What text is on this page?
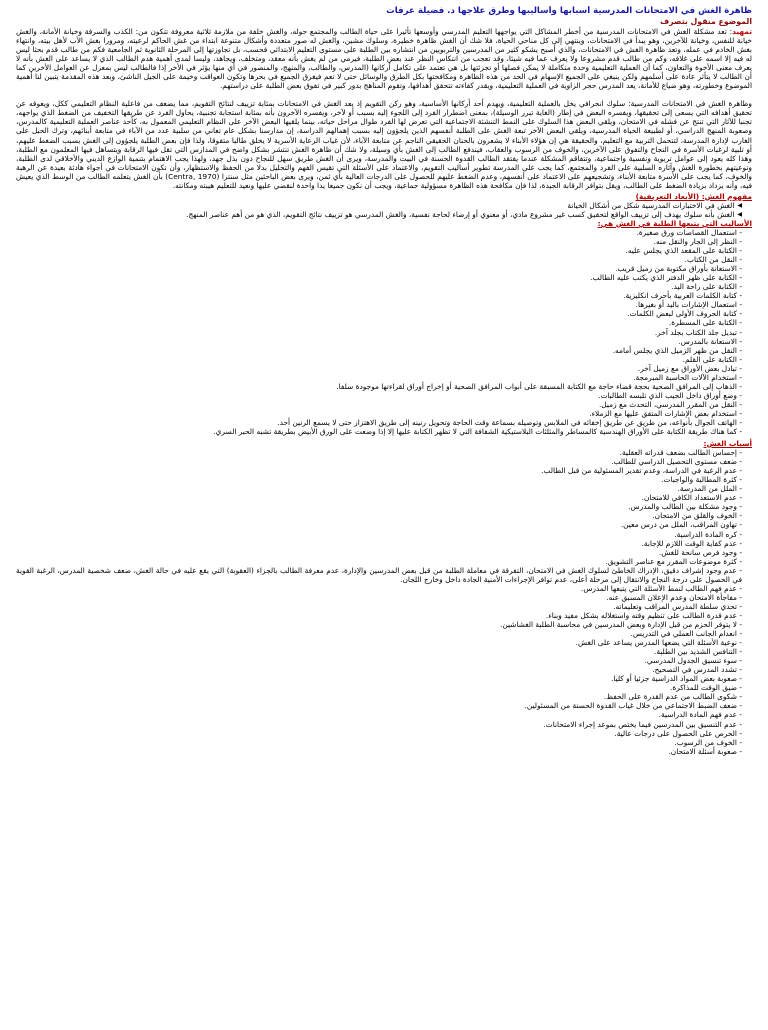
ظاهرة الغش في الامتحانات المدرسية أسبابها وأساليبها وطرق علاجها د. فضيلة عرفات
الموضوع منقول بتصرف

تمهيد: تعد مشكلة الغش في الامتحانات المدرسية من أخطر المشاكل التي يواجهها التعليم المدرسي وأوسعها تأثيرا على حياة الطالب والمجتمع حوله، والغش خلفة من ملازمة ثلاثية معروفة تتكون من: الكذب والسرقة وخيانة الأمانة، والغش خيانة للنفس، وخيانة للآخرين، وهو يبدأ في الامتحانات، وينتهي إلى كل مناحي الحياة، فلا شك أن الغش ظاهرة خطيرة، وسلوك مشين، والغش له صور متعددة وأشكال متنوعة ابتداء من غش الحاكم لرعيته، ومرورا بغش الأب لأهل بيته، وانتهاء بغش الخادم في عمله، وتعد ظاهرة الغش في الامتحانات، والذي أصبح يشكو كثير من المدرسين والتربويين من انتشاره بين الطلبة على مستوى التعليم الابتدائي فحسب، بل تجاوزتها إلى المرحلة الثانوية ثم الجامعية فكم من طالب قدم بحثا ليس له فيه إلا اسمه على غلافه، وكم من طالب قدم مشروعا ولا يعرف عما فيه شيئا، وقد تعجب من انتكاس النظر عند بعض الطلبة، فيرمي من لم يغش بأنه معقد، ومتخلف، ويجاهد، وليسا لمدى أهمية هدم الطالب الذي لا يساعد على الغش بأنه لا يعرف معنى الأخوة والتعاون، كما أن العملية التعليمية وحدة متكاملة لا يمكن فصلها أو تجزئتها بل هي تعتمد على تكامل أركانها (المدرس، والطالب، والمنهج، والمنصور في أي منها يؤثر في الأخر إذا فالطالب ليس بمعزل عن العوامل الأخرين كما أن الطالب لا يتأثر عادة على أسلمهم ولكن ينبغي على الجميع الإسهام في الحد من هذه الظاهرة ومكافحتها بكل الطرق والوسائل حتى لا تعم فيغرق الجميع في بحرها وتكون العواقب وخيمة على الجيل الناشئ، وبعد هذه المقدمة يتبين لنا أهمية الموضوع وخطورته، وهو ضياع للأمانة، يعد المدرس حجر الزاوية في العملية التعليمية، ويقدر كفاءته تتحقق أهدافها، وتقوم المناهج بدور كبير في تفوق بعض الطلبة على دراستهم.

وظاهرة الغش في الامتحانات المدرسية: سلوك انحرافي يخل بالعملية التعليمية، ويهدم أحد أركانها الأساسية، وهو ركن التقويم إذ يعد الغش في الامتحانات بمثابة تزييف لنتائج التقويم، مما يضعف من فاعلية النظام التعليمي ككل، ويعوقه عن تحقيق أهدافه التي يسعى إلى تحقيقها، ويفسره البعض في إطار (الغاية تبرر الوسيلة)، بمعنى اضطرار الفرد إلى اللجوء إليه بسبب أو لآخر، ويفسره الآخرون بأنه بمثابة استجابة تجنبية، يحاول الفرد عن طريقها التخفيف من الضغط الذي يواجهه، تجنبا للآثار التي تنتج عن فشله في الامتحان، ويلقي البعض هذا السلوك على النمط التنشئة الاجتماعية التي تعرض لها الفرد طوال مراحل حياته، بينما يلقيها البعض الآخر على النظام التعليمي المعمول به، كأحد عناصر العملية التعليمية كالمدرس، وصعوبة المنهج الدراسي، أو لطبيعة الحياة المدرسية، ويلقي البعض الآخر تبعة الغش على الطلبة أنفسهم الذين يلجؤون إليه بسبب إهمالهم الدراسة، إن مدارسنا بشكل عام تعاني من سلبية عدد من الآباء في متابعة أبنائهم، وترك الحبل على الغارب لإدارة المدرسة، لتتحمل التربية مع التعليم، والحقيقة هي إن هؤلاء الأبناء لا يشعرون بالحنان الحقيقي الناجم عن متابعة الآباء، لأن غياب الرعاية الأسرية لا يخلق طالبا متفوقا، ولذا فإن بعض الطلبة يلجؤون إلى الغش بسبب الضغط عليهم، أو تلبية لرغبات الأسرة في النجاح والتفوق على الآخرين، والخوف من الرسوب والعقاب، فيندفع الطالب إلى الغش بأي وسيلة، ولا شك أن ظاهرة الغش تنتشر بشكل واضح في المدارس التي تقل فيها الرقابة ويتساهل فيها المعلمون مع الطلبة، وهذا كله يعود إلى عوامل تربوية ونفسية واجتماعية، وتتفاقم المشكلة عندما يفتقد الطالب القدوة الحسنة في البيت والمدرسة، ويرى أن الغش طريق سهل للنجاح دون بذل جهد، ولهذا يجب الاهتمام بتنمية الوازع الديني والأخلاقي لدى الطلبة، وتوعيتهم بخطورة الغش وآثاره السلبية على الفرد والمجتمع، كما يجب على المدرسة تطوير أساليب التقويم، والاعتماد على الأسئلة التي تقيس الفهم والتحليل بدلا من الحفظ والاستظهار، وأن تكون الامتحانات في أجواء هادئة بعيدة عن الرهبة والخوف، كما يجب على الأسرة متابعة الأبناء، وتشجيعهم على الاعتماد على أنفسهم، وعدم الضغط عليهم للحصول على الدرجات العالية بأي ثمن، ويرى بعض الباحثين مثل سنترا (Centra, 1970) بأن الغش يتعلمه الطالب من الوسط الذي يعيش فيه، وأنه يزداد بزيادة الضغط على الطالب، ويقل بتوافر الرقابة الجيدة، لذا فإن مكافحة هذه الظاهرة مسؤولية جماعية، ويجب أن نكون جميعا يدا واحدة لنقضي عليها ونعيد للتعليم هيبته ومكانته.

مفهوم الغش: (الأبعاد التعريفية)
◀
الغش في الاختبارات المدرسية شكل من أشكال الخيانة
◀
الغش بأنه سلوك يهدف إلى تزييف الواقع لتحقيق كسب غير مشروع مادي، أو معنوي أو إرضاء لحاجة نفسية، والغش المدرسي هو تزييف نتائج التقويم، الذي هو من أهم عناصر المنهج.
الأساليب التي يتبعها الطلبة في الغش هي:
- استعمال القصاصات ورق صغيرة.
- النظر إلى الجار والنقل منه.
- الكتابة على المقعد الذي يجلس عليه.
- النقل من الكتاب.
- الاستعانة بأوراق مكتوبة من زميل قريب.
- الكتابة على ظهر الدفتر الذي يكتب عليه الطالب.
- الكتابة على راحة اليد.
- كتابة الكلمات العربية بأحرف انكليزية.
- استعمال الإشارات باليد أو بغيرها.
- كتابة الحروف الأولى لبعض الكلمات.
- الكتابة على المسطرة.
- تبديل جلد الكتاب بجلد آخر.
- الاستعانة بالمدرس.
- النقل من ظهر الزميل الذي يجلس أمامه.
- الكتابة على القلم.
- تبادل بعض الأوراق مع زميل آخر.
- استخدام الآلات الحاسبة المبرمجة.
- الذهاب إلى المرافق الصحية بحجة قضاء حاجة مع الكتابة المسبقة على أبواب المرافق الصحية أو إخراج أوراق لقراءتها موجودة سلفا.
- وضع أوراق داخل الجيب الذي تلبسه الطالبات.
- النقل من المقرر المدرسي، التحدث مع زميل.
- استخدام بعض الإشارات المتفق عليها مع الزملاء.
- الهاتف الجوال بأنواعه، من طريق عن طريق إخفائه في الملابس وتوصيله بسماعة وقت الحاجة وتحويل رنينه إلى طريق الاهتزاز حتى لا يسمع الرنين أحد.
- كما هناك طريقة الكتابة على الأوراق الهندسية كالمساطر والمثلثات البلاستيكية الشفافة التي لا تظهر الكتابة عليها إلا إذا وضعت على الورق الأبيض بطريقة تشبه الحبر السري.
أسباب الغش:
- إحساس الطالب بضعف قدراته العقلية.
- ضعف مستوى التحصيل الدراسي للطالب.
- عدم الرغبة في الدراسة، وعدم تقدير المسئولية من قبل الطالب.
- كثرة المطالبة والواجبات.
- الملل من المدرسة.
- عدم الاستعداد الكافي للامتحان.
- وجود مشكلة بين الطالب والمدرس.
- الخوف والقلق من الامتحان.
- تهاون المراقب، الملل من درس معين.
- كره المادة الدراسية.
- عدم كفاية الوقت اللازم للإجابة.
- وجود فرص سانحة للغش.
- كثرة موضوعات المقرر مع عناصر التشويق.
- عدم وجود إشراف دقيق، الإدراك الخاطئ لسلوك الغش في الامتحان، التفرقة في معاملة الطلبة من قبل بعض المدرسين والإدارة، عدم معرفة الطالب بالجزاء (العقوبة) التي يقع عليه في حالة الغش، ضعف شخصية المدرس، الرغبة القوية في الحصول على درجة النجاح والانتقال إلى مرحلة أعلى، عدم توافر الإجراءات الأمنية الجادة داخل وخارج اللجان.
- عدم فهم الطالب لنمط الأسئلة التي يتبعها المدرس.
- مفاجأة الامتحان وعدم الإعلان المسبق عنه.
- تحدي سلطة المدرس المراقب وتعليماته.
- عدم قدرة الطالب على تنظيم وقته واستغلاله بشكل مفيد وبناء.
- لا يتوفر الحزم من قبل الإدارة وبعض المدرسين في محاسبة الطلبة الغشاشين.
- انعدام الجانب العملي في التدريس.
- نوعية الأسئلة التي يضعها المدرس يساعد على الغش.
- التنافس الشديد بين الطلبة.
- سوء تنسيق الجدول المدرسي.
- تشدد المدرس في التصحيح.
- صعوبة بعض المواد الدراسية جزئيا أو كليا.
- ضيق الوقت للمذاكرة.
- شكوى الطالب من عدم القدرة على الحفظ.
- ضعف الضبط الاجتماعي من خلال غياب القدوة الحسنة من المسئولين.
- عدم فهم المادة الدراسية.
- عدم التنسيق بين المدرسين فيما يختص بموعد إجراء الامتحانات.
- الحرص على الحصول على درجات عالية.
- الخوف من الرسوب.
- صعوبة أسئلة الامتحان.
